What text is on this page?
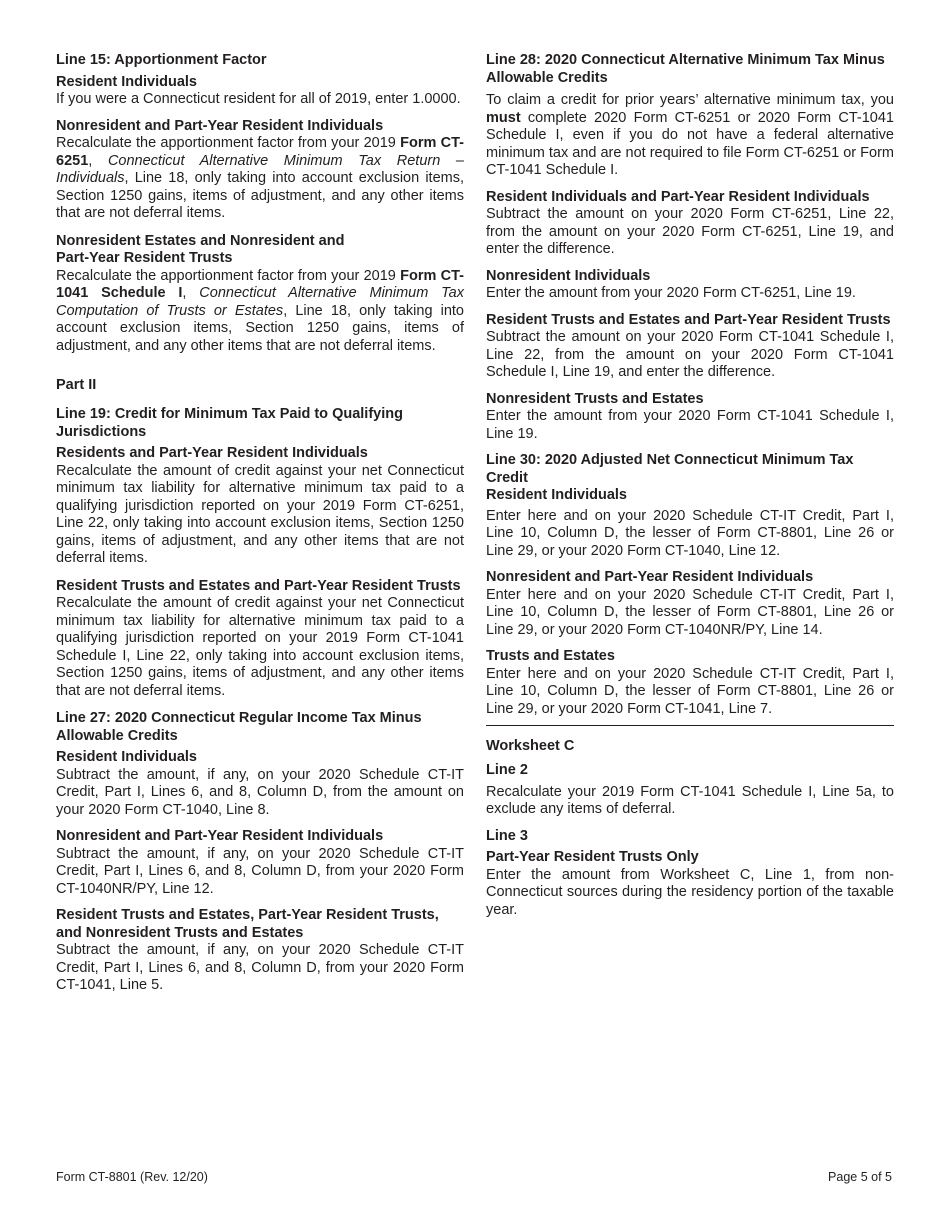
Line 15: Apportionment Factor
Resident Individuals
If you were a Connecticut resident for all of 2019, enter 1.0000.
Nonresident and Part-Year Resident Individuals
Recalculate the apportionment factor from your 2019 Form CT-6251, Connecticut Alternative Minimum Tax Return – Individuals, Line 18, only taking into account exclusion items, Section 1250 gains, items of adjustment, and any other items that are not deferral items.
Nonresident Estates and Nonresident and
Part-Year Resident Trusts
Recalculate the apportionment factor from your 2019 Form CT-1041 Schedule I, Connecticut Alternative Minimum Tax Computation of Trusts or Estates, Line 18, only taking into account exclusion items, Section 1250 gains, items of adjustment, and any other items that are not deferral items.
Part II
Line 19: Credit for Minimum Tax Paid to Qualifying Jurisdictions
Residents and Part-Year Resident Individuals
Recalculate the amount of credit against your net Connecticut minimum tax liability for alternative minimum tax paid to a qualifying jurisdiction reported on your 2019 Form CT-6251, Line 22, only taking into account exclusion items, Section 1250 gains, items of adjustment, and any other items that are not deferral items.
Resident Trusts and Estates and Part-Year Resident Trusts
Recalculate the amount of credit against your net Connecticut minimum tax liability for alternative minimum tax paid to a qualifying jurisdiction reported on your 2019 Form CT-1041 Schedule I, Line 22, only taking into account exclusion items, Section 1250 gains, items of adjustment, and any other items that are not deferral items.
Line 27: 2020 Connecticut Regular Income Tax Minus Allowable Credits
Resident Individuals
Subtract the amount, if any, on your 2020 Schedule CT-IT Credit, Part I, Lines 6, and 8, Column D, from the amount on your 2020 Form CT-1040, Line 8.
Nonresident and Part-Year Resident Individuals
Subtract the amount, if any, on your 2020 Schedule CT-IT Credit, Part I, Lines 6, and 8, Column D, from your 2020 Form CT-1040NR/PY, Line 12.
Resident Trusts and Estates, Part-Year Resident Trusts,
and Nonresident Trusts and Estates
Subtract the amount, if any, on your 2020 Schedule CT-IT Credit, Part I, Lines 6, and 8, Column D, from your 2020 Form CT-1041, Line 5.
Line 28: 2020 Connecticut Alternative Minimum Tax Minus Allowable Credits
To claim a credit for prior years’ alternative minimum tax, you must complete 2020 Form CT-6251 or 2020 Form CT-1041 Schedule I, even if you do not have a federal alternative minimum tax and are not required to file Form CT-6251 or Form CT-1041 Schedule I.
Resident Individuals and Part-Year Resident Individuals
Subtract the amount on your 2020 Form CT-6251, Line 22, from the amount on your 2020 Form CT-6251, Line 19, and enter the difference.
Nonresident Individuals
Enter the amount from your 2020 Form CT-6251, Line 19.
Resident Trusts and Estates and Part-Year Resident Trusts
Subtract the amount on your 2020 Form CT-1041 Schedule I, Line 22, from the amount on your 2020 Form CT-1041 Schedule I, Line 19, and enter the difference.
Nonresident Trusts and Estates
Enter the amount from your 2020 Form CT-1041 Schedule I, Line 19.
Line 30: 2020 Adjusted Net Connecticut Minimum Tax Credit
Resident Individuals
Enter here and on your 2020 Schedule CT-IT Credit, Part I, Line 10, Column D, the lesser of Form CT-8801, Line 26 or Line 29, or your 2020 Form CT-1040, Line 12.
Nonresident and Part-Year Resident Individuals
Enter here and on your 2020 Schedule CT-IT Credit, Part I, Line 10, Column D, the lesser of Form CT-8801, Line 26 or Line 29, or your 2020 Form CT-1040NR/PY, Line 14.
Trusts and Estates
Enter here and on your 2020 Schedule CT-IT Credit, Part I, Line 10, Column D, the lesser of Form CT-8801, Line 26 or Line 29, or your 2020 Form CT-1041, Line 7.
Worksheet C
Line 2
Recalculate your 2019 Form CT-1041 Schedule I, Line 5a, to exclude any items of deferral.
Line 3
Part-Year Resident Trusts Only
Enter the amount from Worksheet C, Line 1, from non-Connecticut sources during the residency portion of the taxable year.
Form CT-8801 (Rev. 12/20)	Page 5 of 5
